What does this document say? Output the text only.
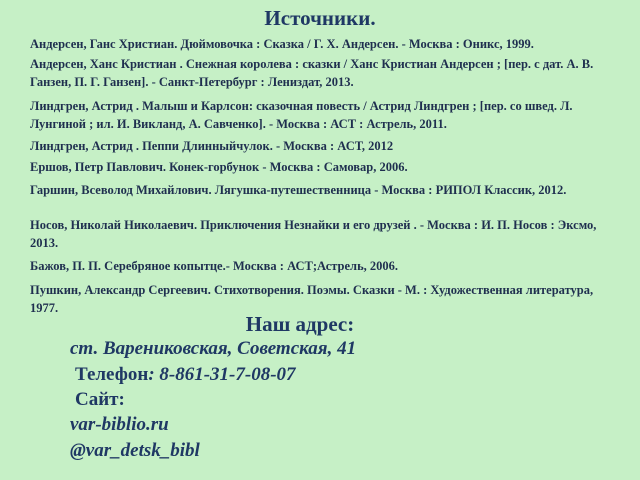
Источники.
Андерсен, Ганс Христиан. Дюймовочка : Сказка / Г. Х. Андерсен. - Москва : Оникс, 1999.
Андерсен, Ханс Кристиан . Снежная королева : сказки / Ханс Кристиан Андерсен ; [пер. с дат. А. В. Ганзен, П. Г. Ганзен]. - Санкт-Петербург : Лениздат, 2013.
Линдгрен, Астрид . Малыш и Карлсон: сказочная повесть / Астрид Линдгрен ; [пер. со швед. Л. Лунгиной ; ил. И. Викланд, А. Савченко]. - Москва : АСТ : Астрель, 2011.
Линдгрен, Астрид . Пеппи Длинныйчулок. - Москва : АСТ, 2012
Ершов, Петр Павлович. Конек-горбунок - Москва : Самовар, 2006.
Гаршин, Всеволод Михайлович. Лягушка-путешественница - Москва : РИПОЛ Классик, 2012.
Носов, Николай Николаевич. Приключения Незнайки и его друзей . - Москва : И. П. Носов : Эксмо, 2013.
Бажов, П. П. Серебряное копытце.- Москва : АСТ;Астрель, 2006.
Пушкин, Александр Сергеевич. Стихотворения. Поэмы. Сказки - М. : Художественная литература, 1977.
Наш адрес:
ст. Варениковская, Советская, 41
Телефон: 8-861-31-7-08-07
Сайт:
var-biblio.ru
@var_detsk_bibl
